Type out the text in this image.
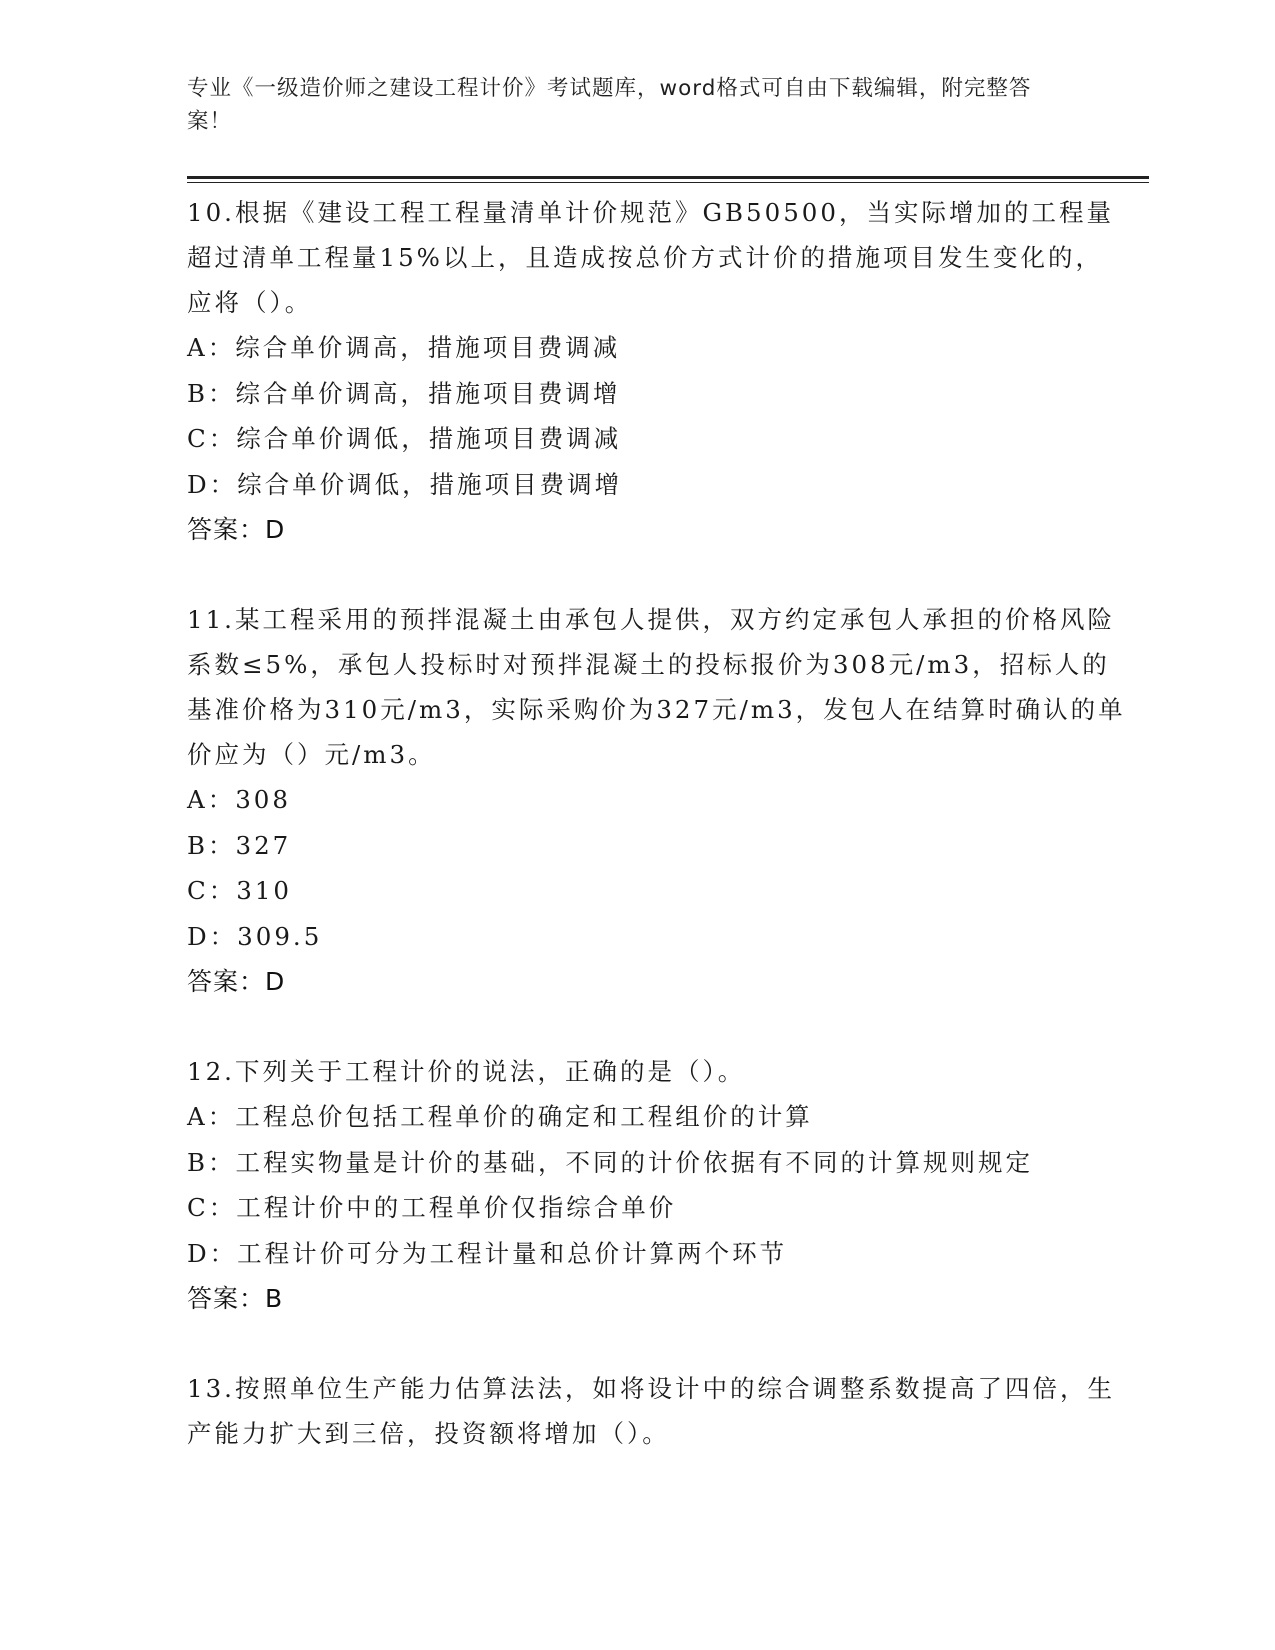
专业《一级造价师之建设工程计价》考试题库，word格式可自由下载编辑，附完整答案！
10.根据《建设工程工程量清单计价规范》GB50500，当实际增加的工程量超过清单工程量15%以上，且造成按总价方式计价的措施项目发生变化的，应将（）。
A：综合单价调高，措施项目费调减
B：综合单价调高，措施项目费调增
C：综合单价调低，措施项目费调减
D：综合单价调低，措施项目费调增
答案：D
11.某工程采用的预拌混凝土由承包人提供，双方约定承包人承担的价格风险系数≤5%，承包人投标时对预拌混凝土的投标报价为308元/m3，招标人的基准价格为310元/m3，实际采购价为327元/m3，发包人在结算时确认的单价应为（）元/m3。
A：308
B：327
C：310
D：309.5
答案：D
12.下列关于工程计价的说法，正确的是（）。
A：工程总价包括工程单价的确定和工程组价的计算
B：工程实物量是计价的基础，不同的计价依据有不同的计算规则规定
C：工程计价中的工程单价仅指综合单价
D：工程计价可分为工程计量和总价计算两个环节
答案：B
13.按照单位生产能力估算法法，如将设计中的综合调整系数提高了四倍，生产能力扩大到三倍，投资额将增加（）。
